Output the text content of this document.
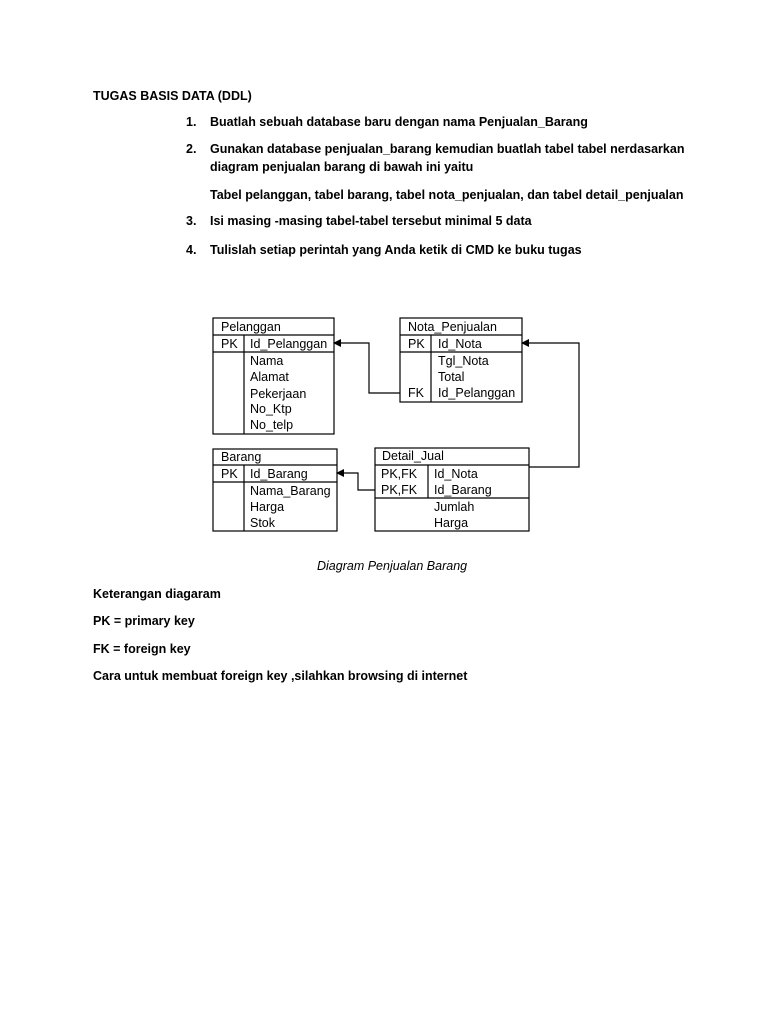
TUGAS BASIS DATA (DDL)
1. Buatlah sebuah database baru dengan nama Penjualan_Barang
2. Gunakan database penjualan_barang kemudian buatlah tabel tabel nerdasarkan
diagram penjualan barang di bawah ini yaitu
Tabel pelanggan, tabel barang, tabel nota_penjualan, dan tabel detail_penjualan
3. Isi masing -masing tabel-tabel tersebut minimal 5 data
4. Tulislah setiap perintah yang Anda ketik di CMD ke buku tugas
Pelanggan
PK Id_Pelanggan
Nama
Alamat
Pekerjaan
No_Ktp
No_telp
Nota_Penjualan
PK Id_Nota
Tgl_Nota
Total
FK Id_Pelanggan
Barang
PK Id_Barang
Nama_Barang
Harga
Stok
Detail_Jual
PK,FK Id_Nota
PK,FK Id_Barang
Jumlah
Harga
Diagram Penjualan Barang
Keterangan diagaram
PK = primary key
FK = foreign key
Cara untuk membuat foreign key ,silahkan browsing di internet
